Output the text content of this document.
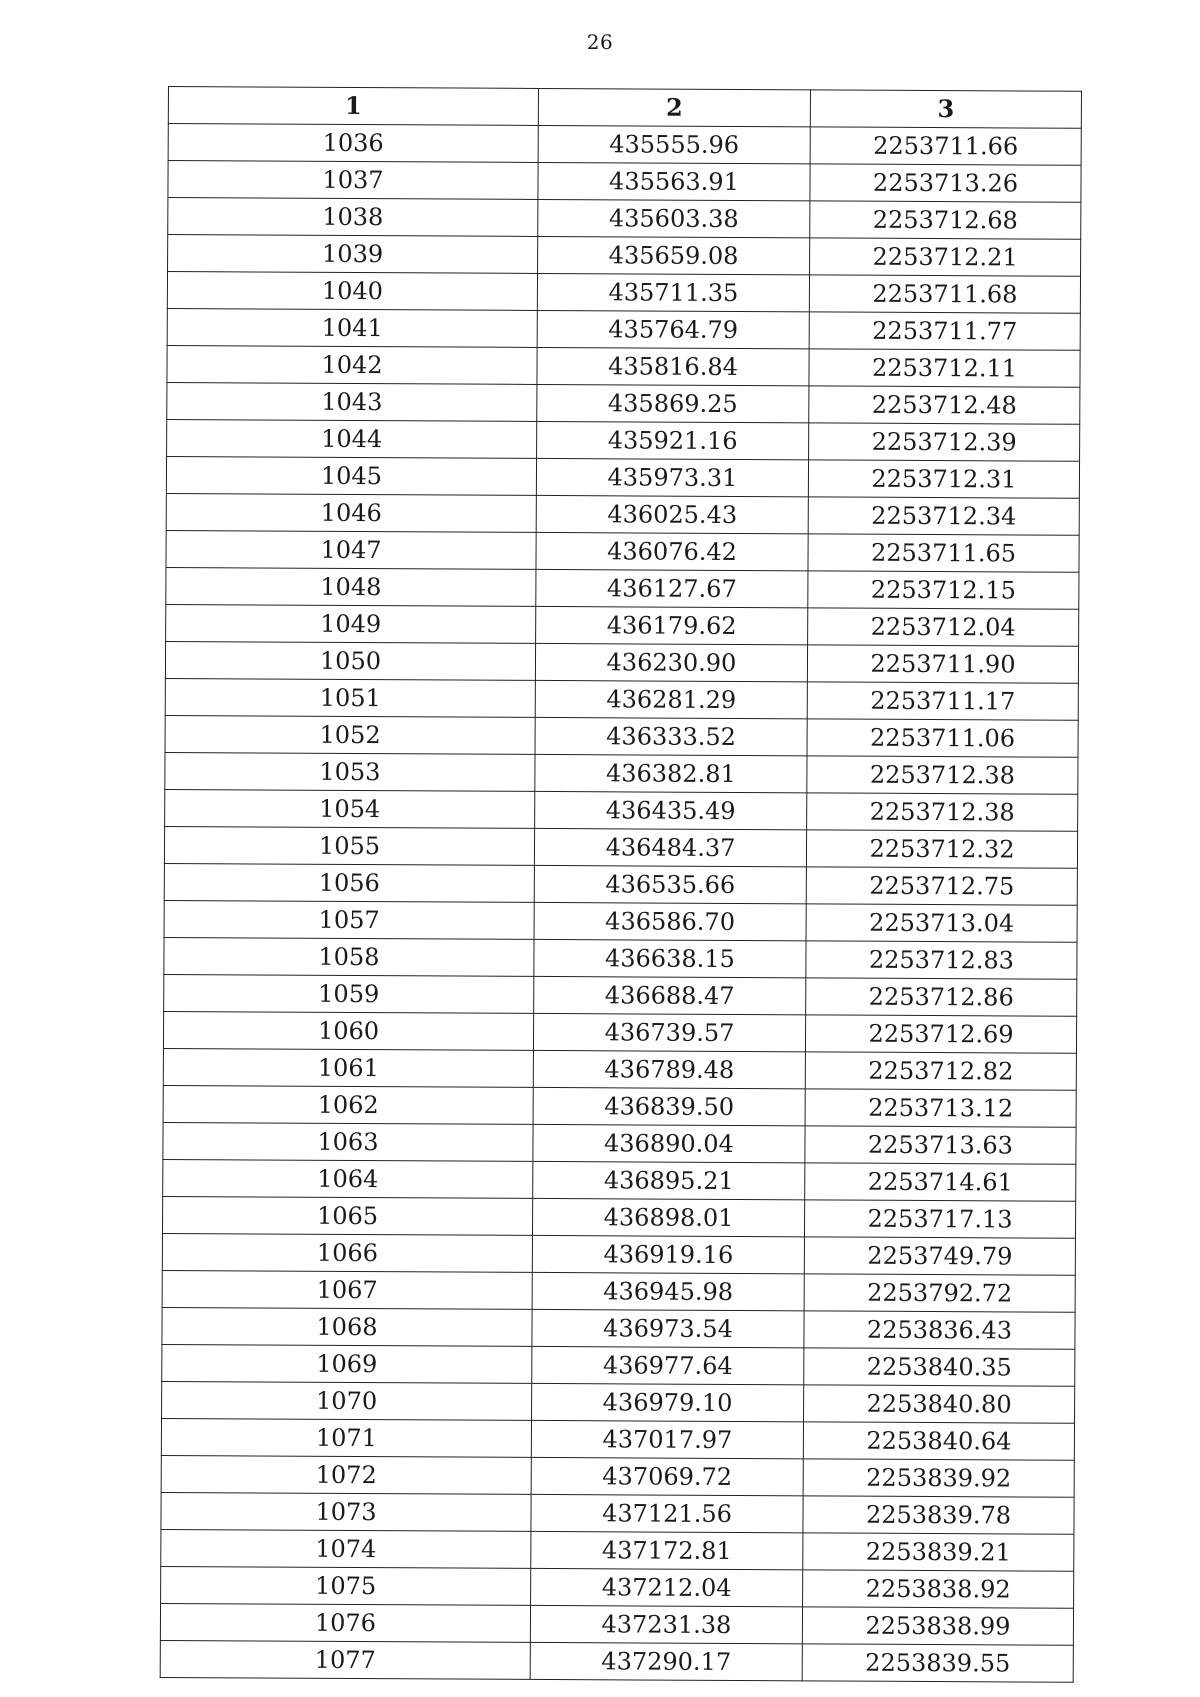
26
1	2	3
1036	435555.96	2253711.66
1037	435563.91	2253713.26
1038	435603.38	2253712.68
1039	435659.08	2253712.21
1040	435711.35	2253711.68
1041	435764.79	2253711.77
1042	435816.84	2253712.11
1043	435869.25	2253712.48
1044	435921.16	2253712.39
1045	435973.31	2253712.31
1046	436025.43	2253712.34
1047	436076.42	2253711.65
1048	436127.67	2253712.15
1049	436179.62	2253712.04
1050	436230.90	2253711.90
1051	436281.29	2253711.17
1052	436333.52	2253711.06
1053	436382.81	2253712.38
1054	436435.49	2253712.38
1055	436484.37	2253712.32
1056	436535.66	2253712.75
1057	436586.70	2253713.04
1058	436638.15	2253712.83
1059	436688.47	2253712.86
1060	436739.57	2253712.69
1061	436789.48	2253712.82
1062	436839.50	2253713.12
1063	436890.04	2253713.63
1064	436895.21	2253714.61
1065	436898.01	2253717.13
1066	436919.16	2253749.79
1067	436945.98	2253792.72
1068	436973.54	2253836.43
1069	436977.64	2253840.35
1070	436979.10	2253840.80
1071	437017.97	2253840.64
1072	437069.72	2253839.92
1073	437121.56	2253839.78
1074	437172.81	2253839.21
1075	437212.04	2253838.92
1076	437231.38	2253838.99
1077	437290.17	2253839.55
